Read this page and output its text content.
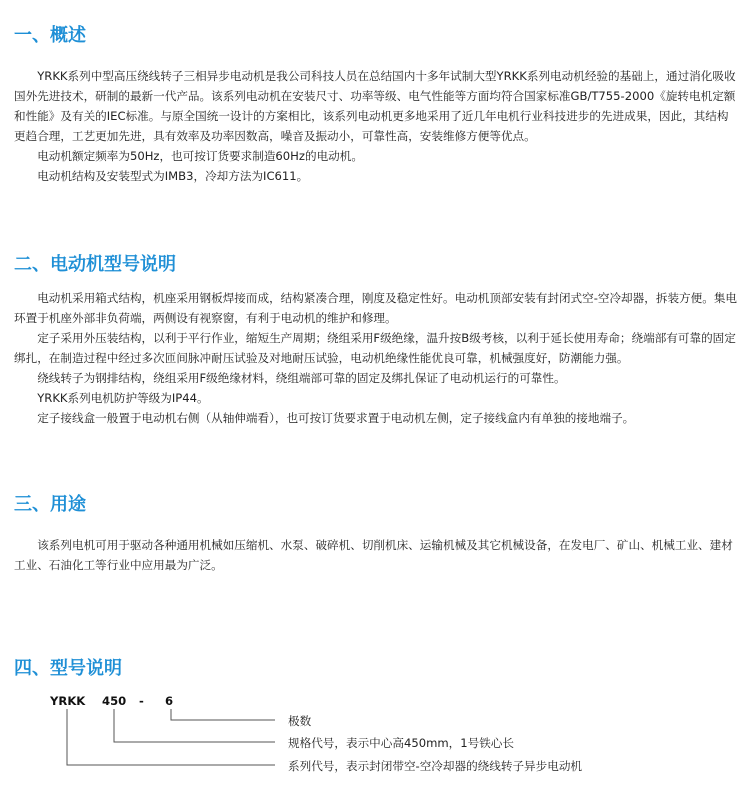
一、概述

YRKK系列中型高压绕线转子三相异步电动机是我公司科技人员在总结国内十多年试制大型YRKK系列电动机经验的基础上，通过消化吸收国外先进技术，研制的最新一代产品。该系列电动机在安装尺寸、功率等级、电气性能等方面均符合国家标准GB/T755-2000《旋转电机定额 和性能》及有关的IEC标准。与原全国统一设计的方案相比，该系列电动机更多地采用了近几年电机行业科技进步的先进成果，因此，其结构更趋合理，工艺更加先进，具有效率及功率因数高，噪音及振动小，可靠性高，安装维修方便等优点。

电动机额定频率为50Hz，也可按订货要求制造60Hz的电动机。

电动机结构及安装型式为IMB3，冷却方法为IC611。

二、电动机型号说明

电动机采用箱式结构，机座采用钢板焊接而成，结构紧凑合理，刚度及稳定性好。电动机顶部安装有封闭式空-空冷却器，拆装方便。集电环置于机座外部非负荷端，两侧设有视察窗，有利于电动机的维护和修理。

定子采用外压装结构，以利于平行作业，缩短生产周期；绕组采用F级绝缘，温升按B级考核，以利于延长使用寿命；绕端部有可靠的固定绑扎，在制造过程中经过多次匝间脉冲耐压试验及对地耐压试验，电动机绝缘性能优良可靠，机械强度好，防潮能力强。

绕线转子为钢排结构，绕组采用F级绝缘材料，绕组端部可靠的固定及绑扎保证了电动机运行的可靠性。

YRKK系列电机防护等级为IP44。

定子接线盒一般置于电动机右侧（从轴伸端看），也可按订货要求置于电动机左侧，定子接线盒内有单独的接地端子。

三、用途

该系列电机可用于驱动各种通用机械如压缩机、水泵、破碎机、切削机床、运输机械及其它机械设备，在发电厂、矿山、机械工业、建材工业、石油化工等行业中应用最为广泛。

四、型号说明
YRKK 450 - 6
极数
规格代号，表示中心高450mm，1号铁心长
系列代号，表示封闭带空-空冷却器的绕线转子异步电动机
